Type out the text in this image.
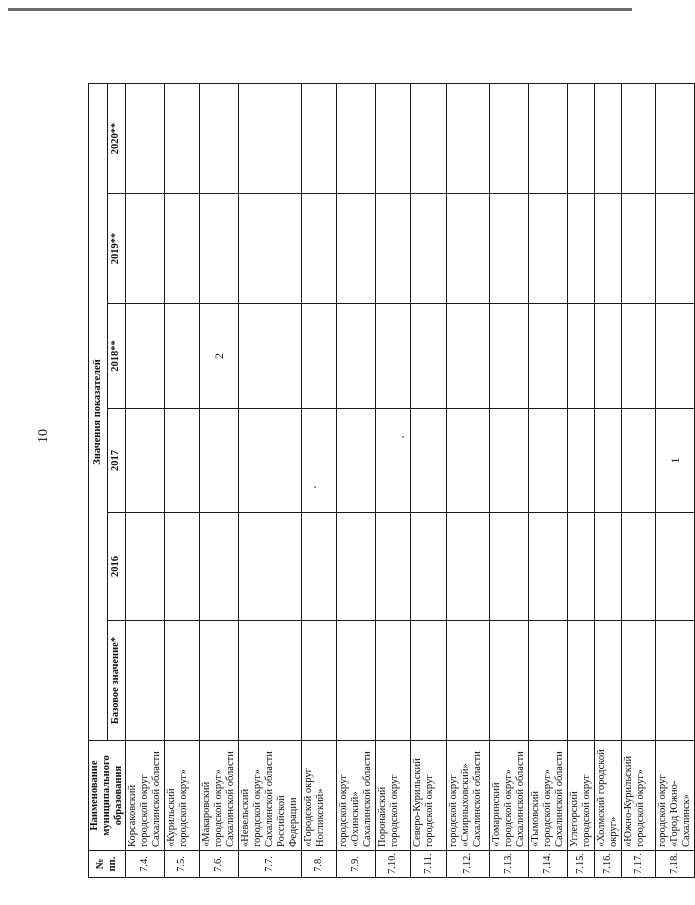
10
№
пп.	Наименование муниципального образования	Значения показателей					
		Базовое значение*	2016	2017	2018**	2019**	2020**
7.4.	Корсаковский городской округ Сахалинской области						
7.5.	«Курильский городской округ»						
7.6.	«Макаровский городской округ» Сахалинской области				2		
7.7.	«Невельский городской округ» Сахалинской области Российской Федерации						
7.8.	«Городской округ Ногликский»						
7.9.	городской округ «Охинский» Сахалинской области						
7.10.	Поронайский городской округ						
7.11.	Северо-Курильский городской округ						
7.12.	городской округ «Смирныховский» Сахалинской области						
7.13.	«Томаринский городской округ» Сахалинской области						
7.14.	«Тымовский городской округ» Сахалинской области						
7.15.	Углегорский городской округ						
7.16.	«Холмский городской округ»						
7.17.	«Южно-Курильский городской округ»						
7.18.	городской округ «Город Южно-Сахалинск»			1			
